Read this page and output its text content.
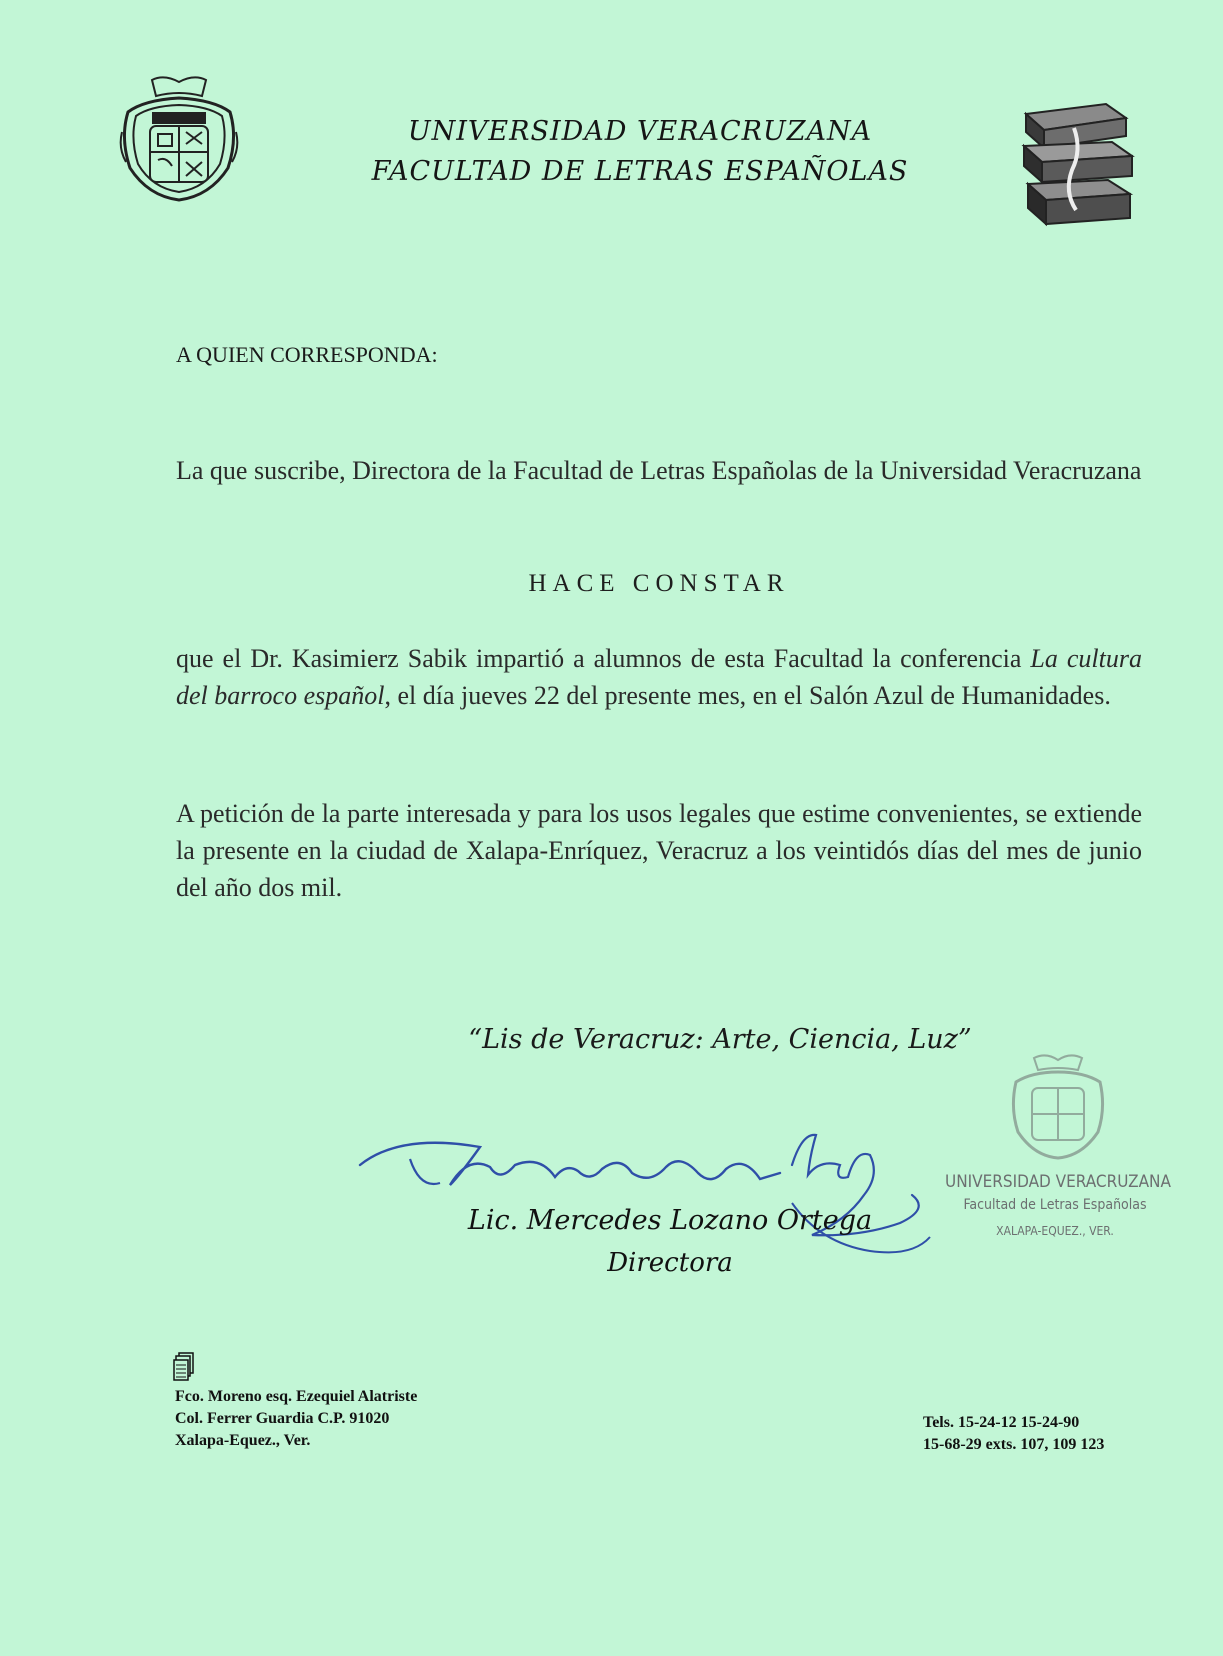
UNIVERSIDAD VERACRUZANA
FACULTAD DE LETRAS ESPAÑOLAS
A QUIEN CORRESPONDA:

La que suscribe, Directora de la Facultad de Letras Españolas de la Universidad Veracruzana

HACE CONSTAR

que el Dr. Kasimierz Sabik impartió a alumnos de esta Facultad la conferencia La cultura del barroco español, el día jueves 22 del presente mes, en el Salón Azul de Humanidades.

A petición de la parte interesada y para los usos legales que estime convenientes, se extiende la presente en la ciudad de Xalapa-Enríquez, Veracruz a los veintidós días del mes de junio del año dos mil.

“Lis de Veracruz: Arte, Ciencia, Luz”
Lic. Mercedes Lozano Ortega
Directora
UNIVERSIDAD VERACRUZANA
Facultad de Letras Españolas
XALAPA-EQUEZ., VER.
Fco. Moreno esq. Ezequiel Alatriste
Col. Ferrer Guardia C.P. 91020
Xalapa-Equez., Ver.
Tels. 15-24-12 15-24-90
15-68-29 exts. 107, 109 123
